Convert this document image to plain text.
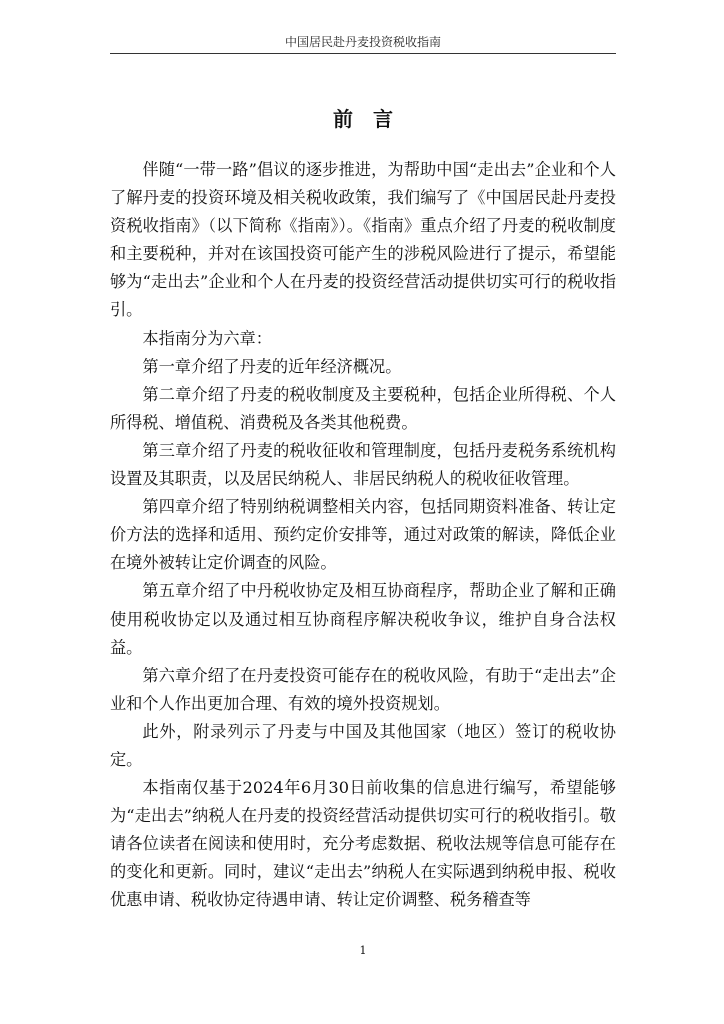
中国居民赴丹麦投资税收指南
前言

伴随“一带一路”倡议的逐步推进，为帮助中国“走出去”企业和个人了解丹麦的投资环境及相关税收政策，我们编写了《中国居民赴丹麦投资税收指南》（以下简称《指南》）。《指南》重点介绍了丹麦的税收制度和主要税种，并对在该国投资可能产生的涉税风险进行了提示，希望能够为“走出去”企业和个人在丹麦的投资经营活动提供切实可行的税收指引。

本指南分为六章：

第一章介绍了丹麦的近年经济概况。

第二章介绍了丹麦的税收制度及主要税种，包括企业所得税、个人所得税、增值税、消费税及各类其他税费。

第三章介绍了丹麦的税收征收和管理制度，包括丹麦税务系统机构设置及其职责，以及居民纳税人、非居民纳税人的税收征收管理。

第四章介绍了特别纳税调整相关内容，包括同期资料准备、转让定价方法的选择和适用、预约定价安排等，通过对政策的解读，降低企业在境外被转让定价调查的风险。

第五章介绍了中丹税收协定及相互协商程序，帮助企业了解和正确使用税收协定以及通过相互协商程序解决税收争议，维护自身合法权益。

第六章介绍了在丹麦投资可能存在的税收风险，有助于“走出去”企业和个人作出更加合理、有效的境外投资规划。

此外，附录列示了丹麦与中国及其他国家（地区）签订的税收协定。

本指南仅基于2024年6月30日前收集的信息进行编写，希望能够为“走出去”纳税人在丹麦的投资经营活动提供切实可行的税收指引。敬请各位读者在阅读和使用时，充分考虑数据、税收法规等信息可能存在的变化和更新。同时，建议“走出去”纳税人在实际遇到纳税申报、税收优惠申请、税收协定待遇申请、转让定价调整、税务稽查等

1
